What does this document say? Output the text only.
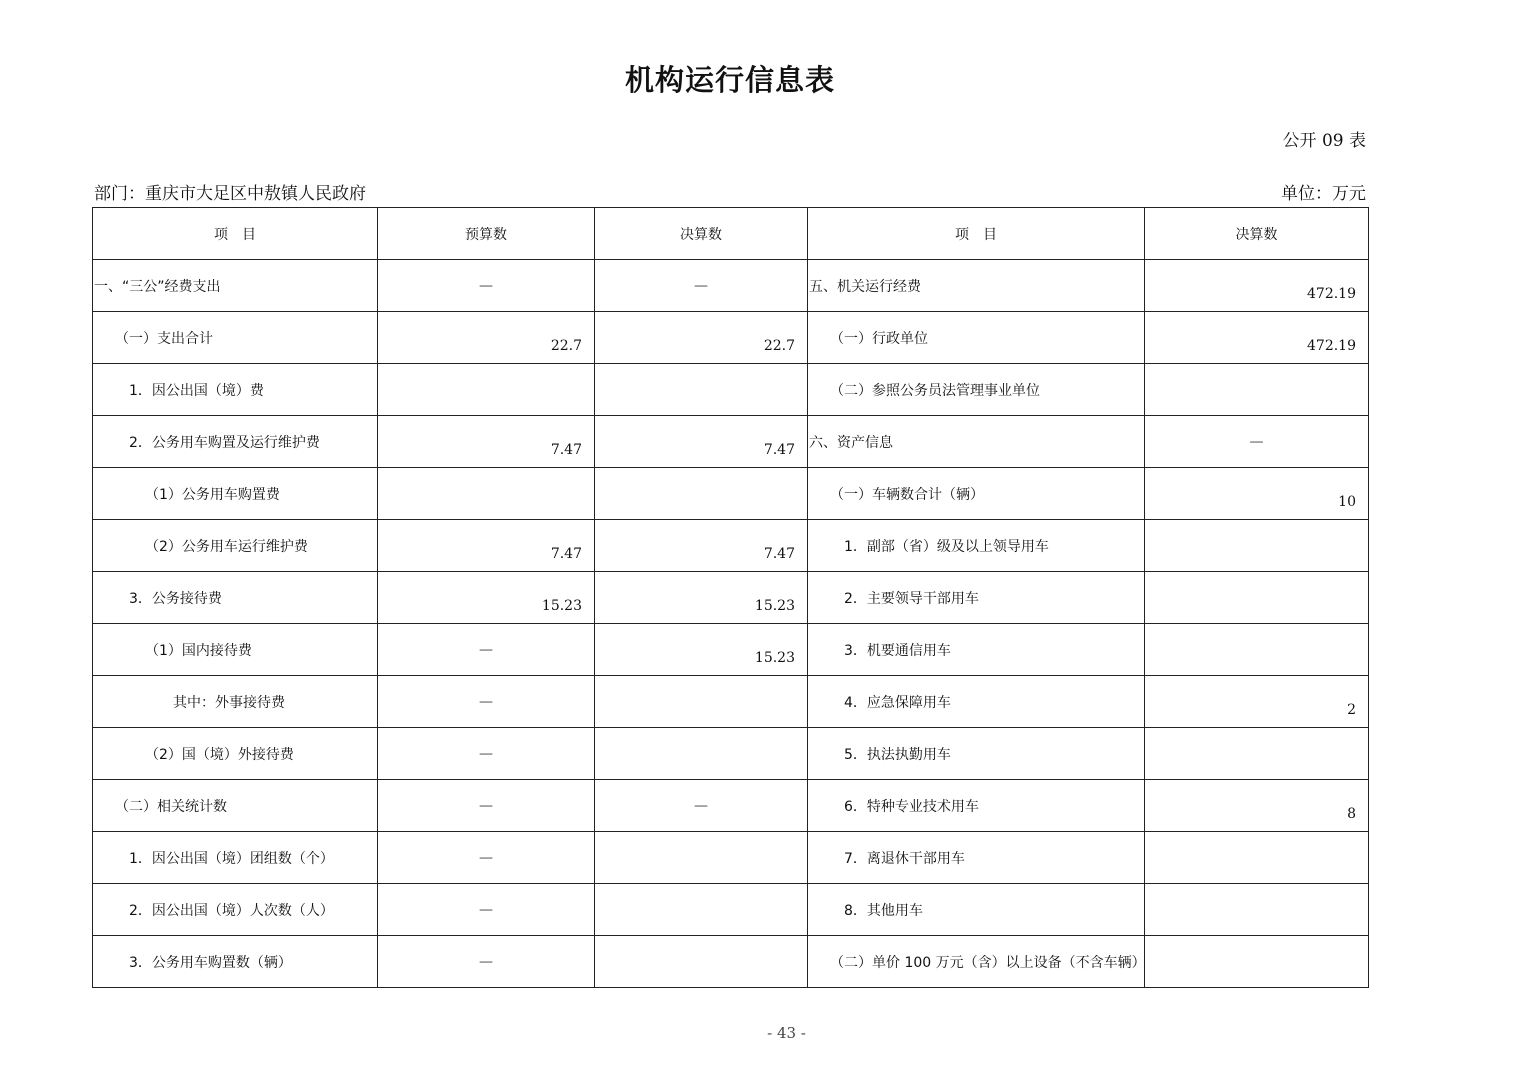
机构运行信息表
公开 09 表
部门：重庆市大足区中敖镇人民政府	单位：万元
项　目	预算数	决算数	项　目	决算数
一、“三公”经费支出	—	—	五、机关运行经费	472.19
（一）支出合计	22.7	22.7	（一）行政单位	472.19
1．因公出国（境）费			（二）参照公务员法管理事业单位	
2．公务用车购置及运行维护费	7.47	7.47	六、资产信息	—
（1）公务用车购置费			（一）车辆数合计（辆）	10
（2）公务用车运行维护费	7.47	7.47	1．副部（省）级及以上领导用车	
3．公务接待费	15.23	15.23	2．主要领导干部用车	
（1）国内接待费	—	15.23	3．机要通信用车	
其中：外事接待费	—		4．应急保障用车	2
（2）国（境）外接待费	—		5．执法执勤用车	
（二）相关统计数	—	—	6．特种专业技术用车	8
1．因公出国（境）团组数（个）	—		7．离退休干部用车	
2．因公出国（境）人次数（人）	—		8．其他用车	
3．公务用车购置数（辆）	—		（二）单价 100 万元（含）以上设备（不含车辆）	
- 43 -
